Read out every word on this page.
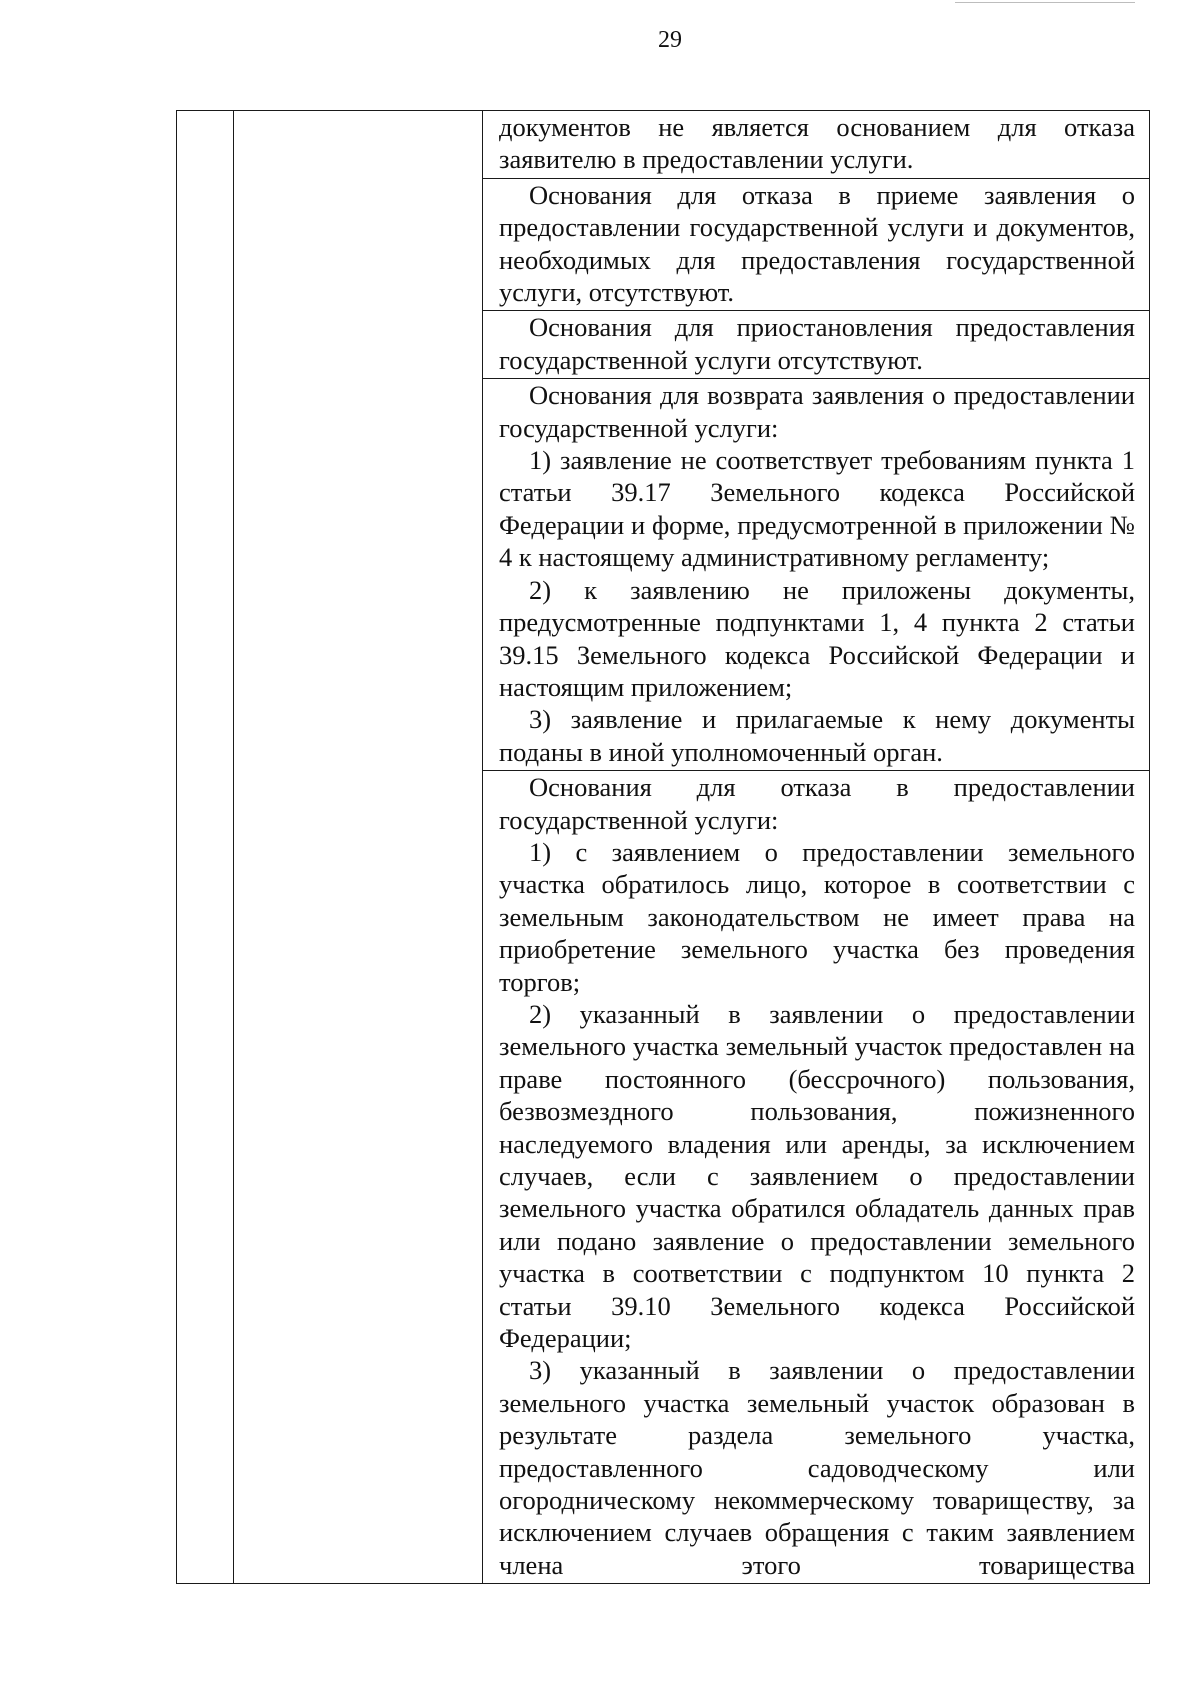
29

документов не является основанием для отказа заявителю в предоставлении услуги.

Основания для отказа в приеме заявления о предоставлении государственной услуги и документов, необходимых для предоставления государственной услуги, отсутствуют.

Основания для приостановления предоставления государственной услуги отсутствуют.

Основания для возврата заявления о предоставлении государственной услуги:

1) заявление не соответствует требованиям пункта 1 статьи 39.17 Земельного кодекса Российской Федерации и форме, предусмотренной в приложении № 4 к настоящему административному регламенту;

2) к заявлению не приложены документы, предусмотренные подпунктами 1, 4 пункта 2 статьи 39.15 Земельного кодекса Российской Федерации и настоящим приложением;

3) заявление и прилагаемые к нему документы поданы в иной уполномоченный орган.

Основания для отказа в предоставлении государственной услуги:

1) с заявлением о предоставлении земельного участка обратилось лицо, которое в соответствии с земельным законодательством не имеет права на приобретение земельного участка без проведения торгов;

2) указанный в заявлении о предоставлении земельного участка земельный участок предоставлен на праве постоянного (бессрочного) пользования, безвозмездного пользования, пожизненного наследуемого владения или аренды, за исключением случаев, если с заявлением о предоставлении земельного участка обратился обладатель данных прав или подано заявление о предоставлении земельного участка в соответствии с подпунктом 10 пункта 2 статьи 39.10 Земельного кодекса Российской Федерации;

3) указанный в заявлении о предоставлении земельного участка земельный участок образован в результате раздела земельного участка, предоставленного садоводческому или огородническому некоммерческому товариществу, за исключением случаев обращения с таким заявлением члена этого товарищества
